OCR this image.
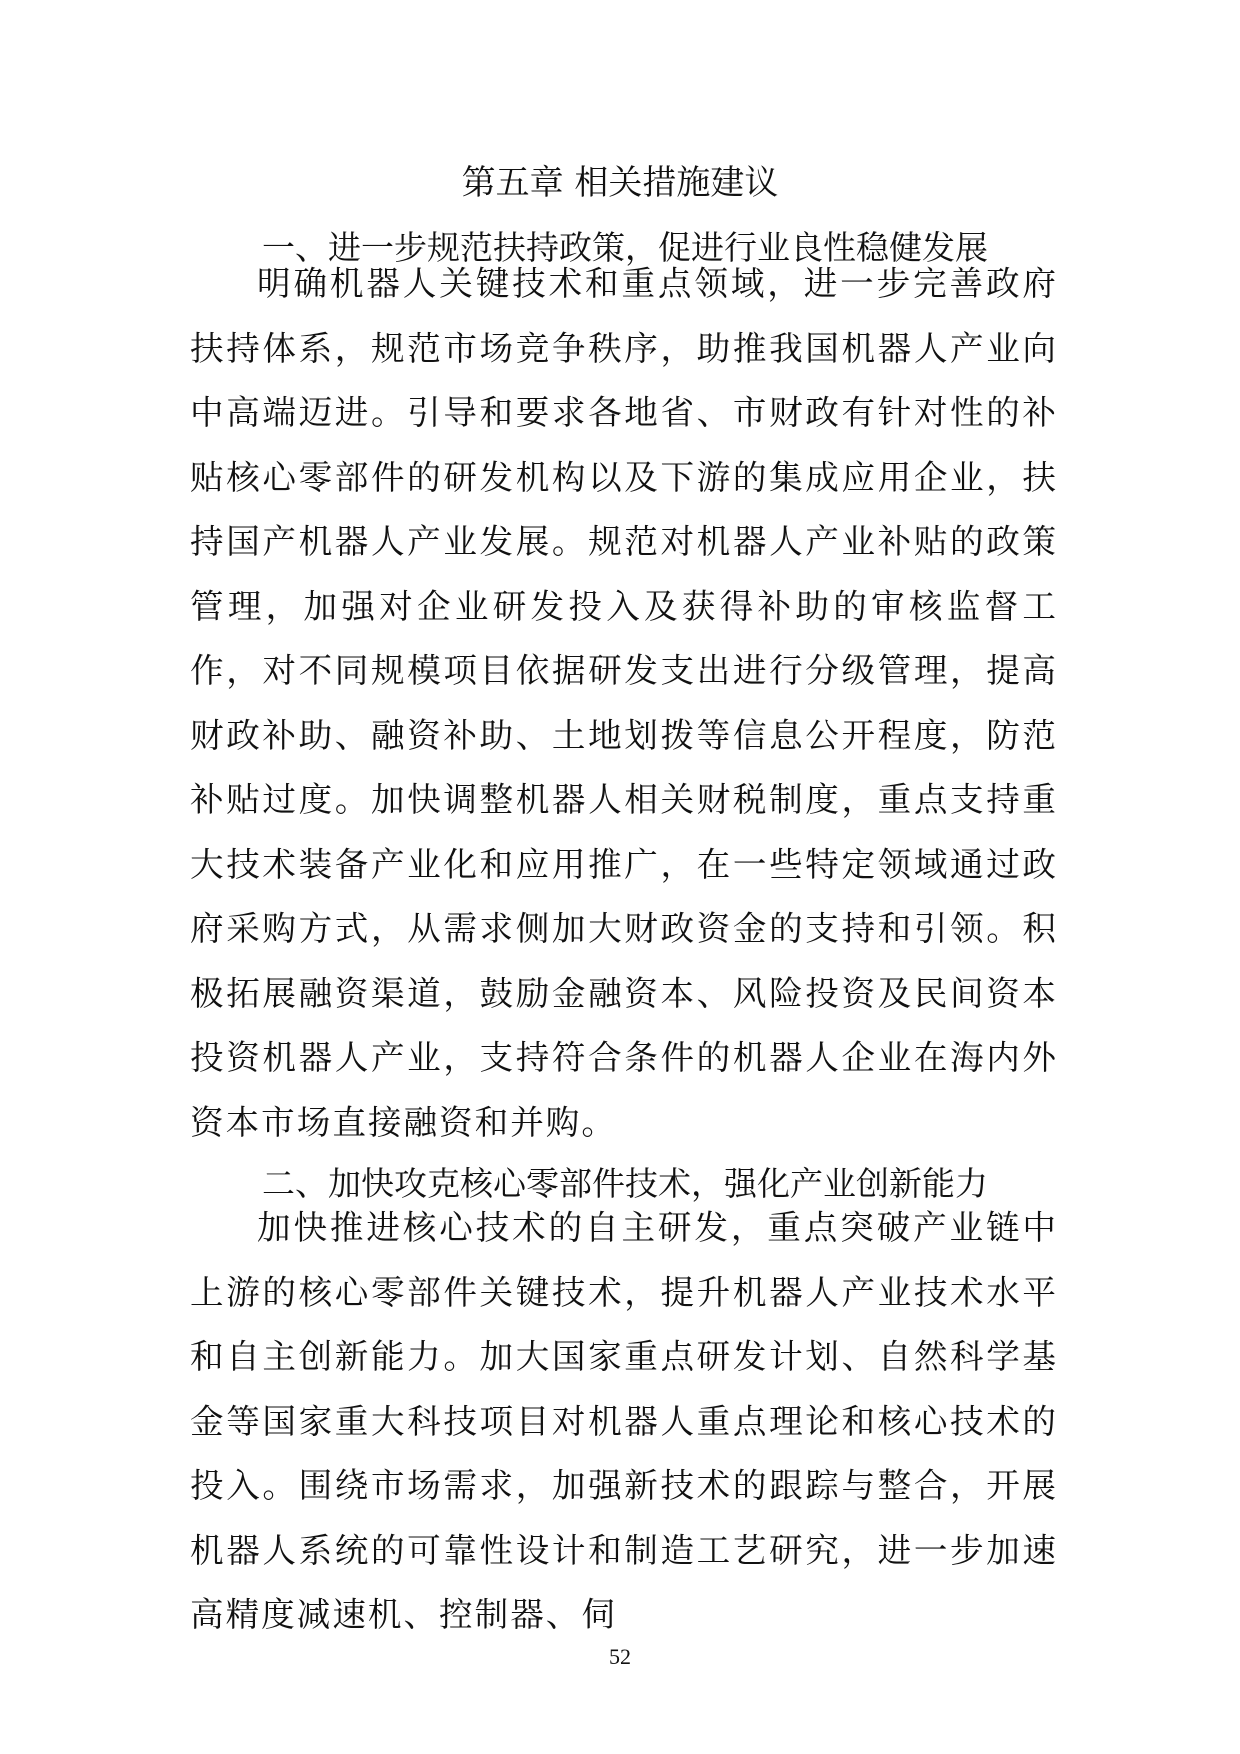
第五章 相关措施建议
一、进一步规范扶持政策，促进行业良性稳健发展

明确机器人关键技术和重点领域，进一步完善政府扶持体系，规范市场竞争秩序，助推我国机器人产业向中高端迈进。引导和要求各地省、市财政有针对性的补贴核心零部件的研发机构以及下游的集成应用企业，扶持国产机器人产业发展。规范对机器人产业补贴的政策管理，加强对企业研发投入及获得补助的审核监督工作，对不同规模项目依据研发支出进行分级管理，提高财政补助、融资补助、土地划拨等信息公开程度，防范补贴过度。加快调整机器人相关财税制度，重点支持重大技术装备产业化和应用推广，在一些特定领域通过政府采购方式，从需求侧加大财政资金的支持和引领。积极拓展融资渠道，鼓励金融资本、风险投资及民间资本投资机器人产业，支持符合条件的机器人企业在海内外资本市场直接融资和并购。

二、加快攻克核心零部件技术，强化产业创新能力

加快推进核心技术的自主研发，重点突破产业链中上游的核心零部件关键技术，提升机器人产业技术水平和自主创新能力。加大国家重点研发计划、自然科学基金等国家重大科技项目对机器人重点理论和核心技术的投入。围绕市场需求，加强新技术的跟踪与整合，开展机器人系统的可靠性设计和制造工艺研究，进一步加速高精度减速机、控制器、伺

52
